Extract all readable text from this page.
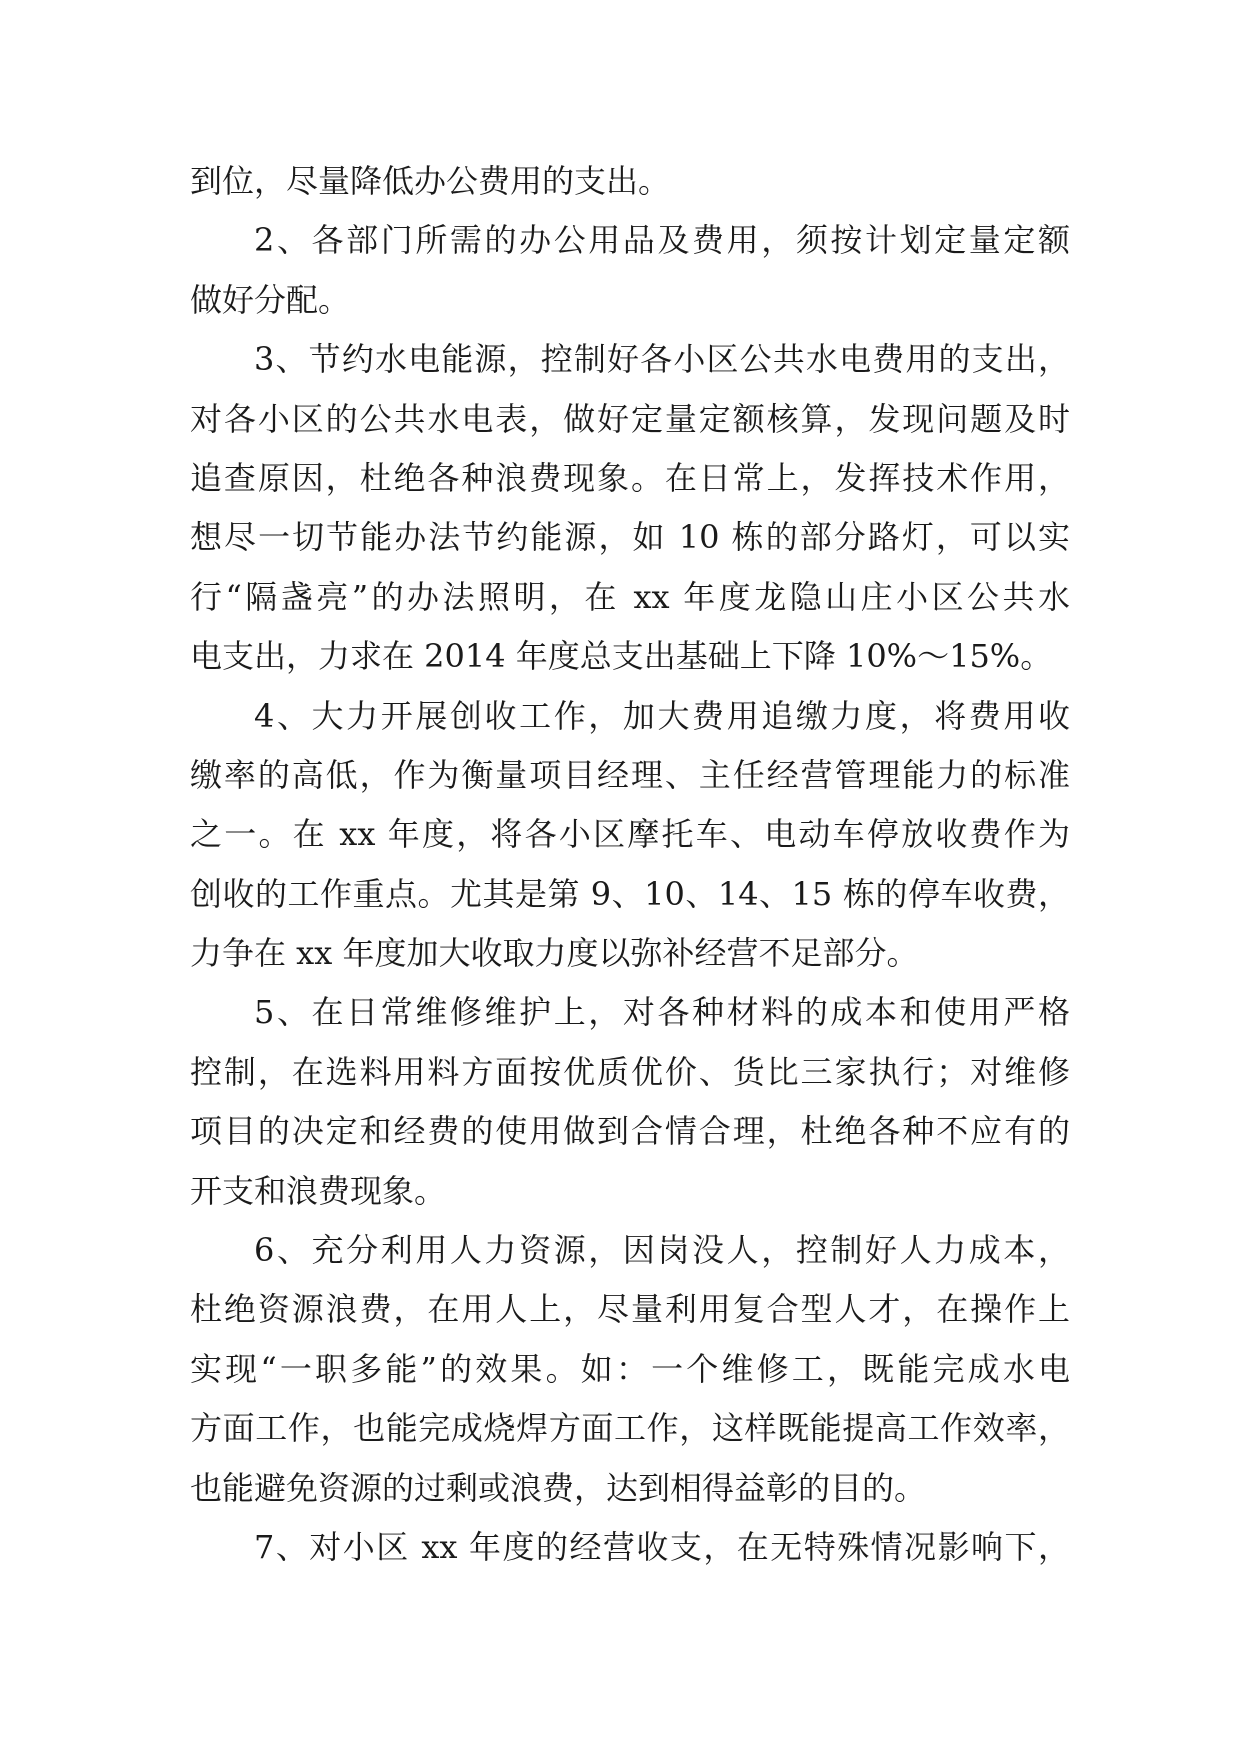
到位，尽量降低办公费用的支出。
2、各部门所需的办公用品及费用，须按计划定量定额
做好分配。
3、节约水电能源，控制好各小区公共水电费用的支出，
对各小区的公共水电表，做好定量定额核算，发现问题及时
追查原因，杜绝各种浪费现象。在日常上，发挥技术作用，
想尽一切节能办法节约能源，如 10 栋的部分路灯，可以实
行“隔盏亮”的办法照明，在 xx 年度龙隐山庄小区公共水
电支出，力求在 2014 年度总支出基础上下降 10%～15%。
4、大力开展创收工作，加大费用追缴力度，将费用收
缴率的高低，作为衡量项目经理、主任经营管理能力的标准
之一。在 xx 年度，将各小区摩托车、电动车停放收费作为
创收的工作重点。尤其是第 9、10、14、15 栋的停车收费，
力争在 xx 年度加大收取力度以弥补经营不足部分。
5、在日常维修维护上，对各种材料的成本和使用严格
控制，在选料用料方面按优质优价、货比三家执行；对维修
项目的决定和经费的使用做到合情合理，杜绝各种不应有的
开支和浪费现象。
6、充分利用人力资源，因岗没人，控制好人力成本，
杜绝资源浪费，在用人上，尽量利用复合型人才，在操作上
实现“一职多能”的效果。如：一个维修工，既能完成水电
方面工作，也能完成烧焊方面工作，这样既能提高工作效率，
也能避免资源的过剩或浪费，达到相得益彰的目的。
7、对小区 xx 年度的经营收支，在无特殊情况影响下，
